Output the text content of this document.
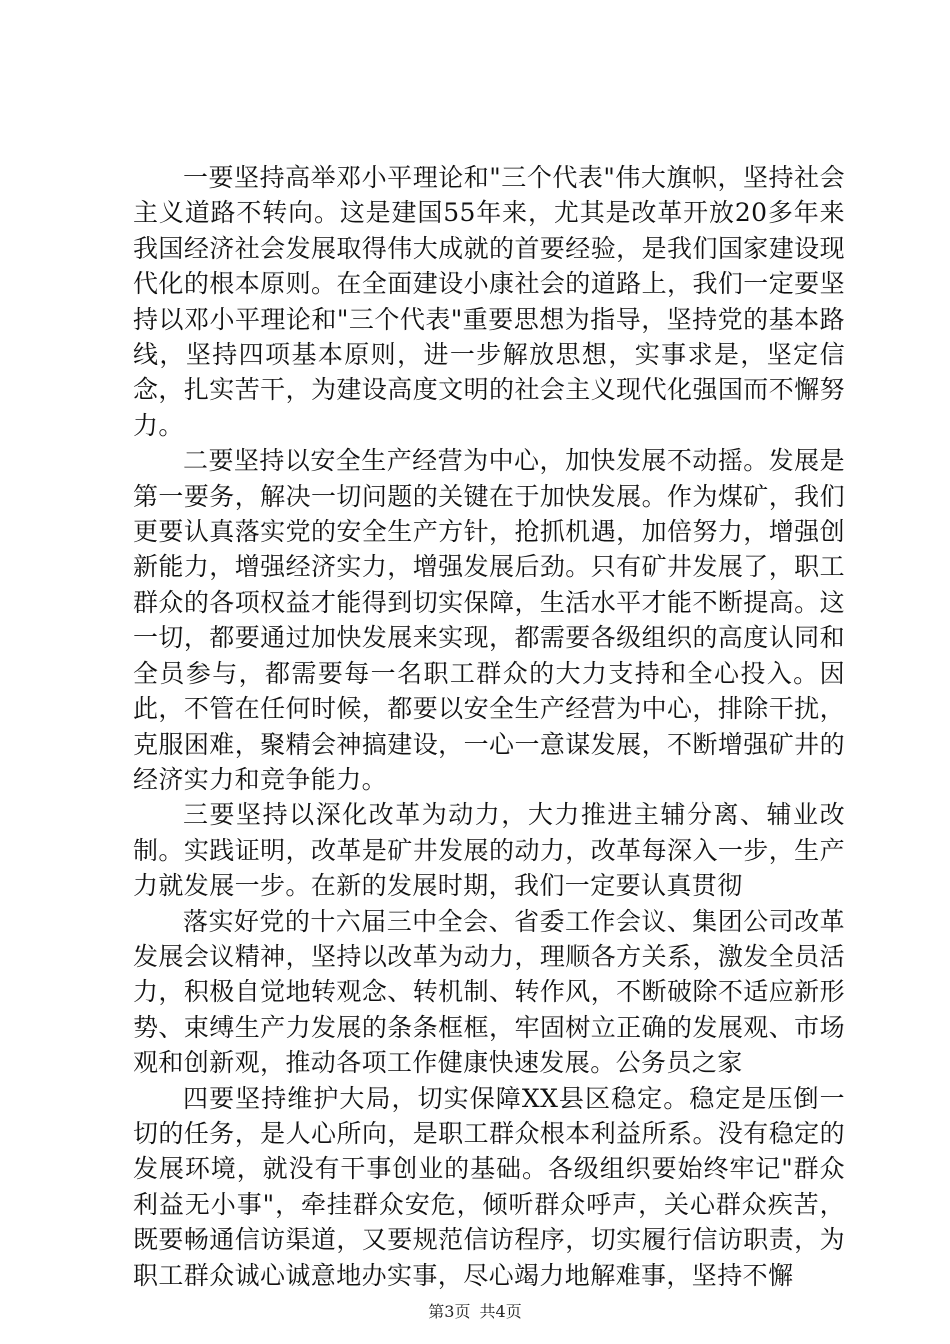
一要坚持高举邓小平理论和"三个代表"伟大旗帜，坚持社会主义道路不转向。这是建国55年来，尤其是改革开放20多年来我国经济社会发展取得伟大成就的首要经验，是我们国家建设现代化的根本原则。在全面建设小康社会的道路上，我们一定要坚持以邓小平理论和"三个代表"重要思想为指导，坚持党的基本路线，坚持四项基本原则，进一步解放思想，实事求是，坚定信念，扎实苦干，为建设高度文明的社会主义现代化强国而不懈努力。

二要坚持以安全生产经营为中心，加快发展不动摇。发展是第一要务，解决一切问题的关键在于加快发展。作为煤矿，我们更要认真落实党的安全生产方针，抢抓机遇，加倍努力，增强创新能力，增强经济实力，增强发展后劲。只有矿井发展了，职工群众的各项权益才能得到切实保障，生活水平才能不断提高。这一切，都要通过加快发展来实现，都需要各级组织的高度认同和全员参与，都需要每一名职工群众的大力支持和全心投入。因此，不管在任何时候，都要以安全生产经营为中心，排除干扰，克服困难，聚精会神搞建设，一心一意谋发展，不断增强矿井的经济实力和竞争能力。

三要坚持以深化改革为动力，大力推进主辅分离、辅业改制。实践证明，改革是矿井发展的动力，改革每深入一步，生产力就发展一步。在新的发展时期，我们一定要认真贯彻

落实好党的十六届三中全会、省委工作会议、集团公司改革发展会议精神，坚持以改革为动力，理顺各方关系，激发全员活力，积极自觉地转观念、转机制、转作风，不断破除不适应新形势、束缚生产力发展的条条框框，牢固树立正确的发展观、市场观和创新观，推动各项工作健康快速发展。公务员之家

四要坚持维护大局，切实保障XX县区稳定。稳定是压倒一切的任务，是人心所向，是职工群众根本利益所系。没有稳定的发展环境，就没有干事创业的基础。各级组织要始终牢记"群众利益无小事"，牵挂群众安危，倾听群众呼声，关心群众疾苦，既要畅通信访渠道，又要规范信访程序，切实履行信访职责，为职工群众诚心诚意地办实事，尽心竭力地解难事，坚持不懈

第3页 共4页
